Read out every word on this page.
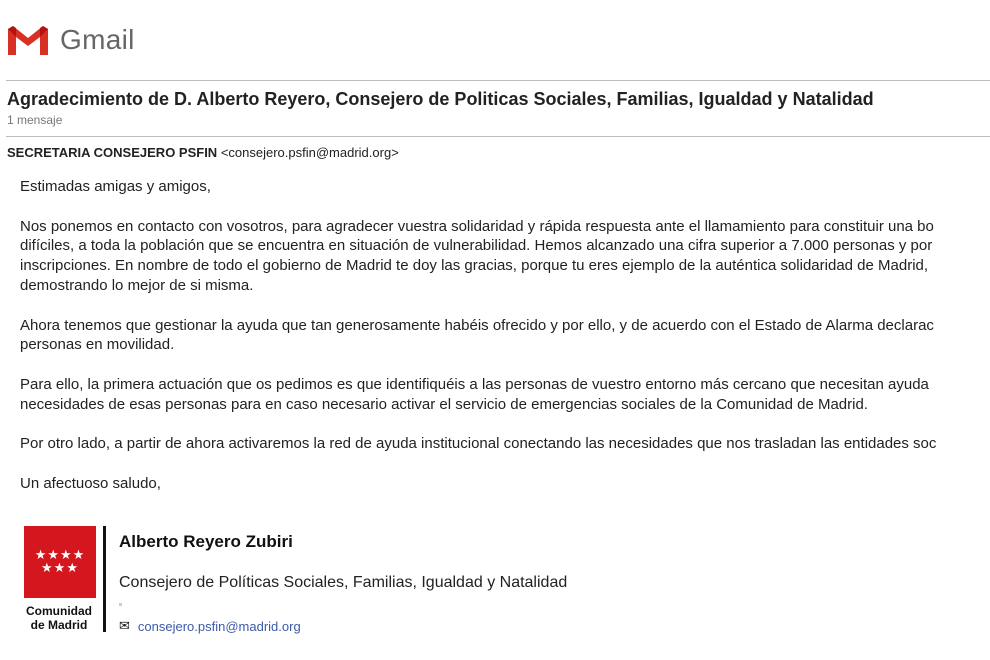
Gmail
Agradecimiento de D. Alberto Reyero, Consejero de Politicas Sociales, Familias, Igualdad y Natalidad
1 mensaje
SECRETARIA CONSEJERO PSFIN <consejero.psfin@madrid.org>

Estimadas amigas y amigos,

Nos ponemos en contacto con vosotros, para agradecer vuestra solidaridad y rápida respuesta ante el llamamiento para constituir una bo
difíciles, a toda la población que se encuentra en situación de vulnerabilidad. Hemos alcanzado una cifra superior a 7.000 personas y por
inscripciones. En nombre de todo el gobierno de Madrid te doy las gracias, porque tu eres ejemplo de la auténtica solidaridad de Madrid,
demostrando lo mejor de si misma.

Ahora tenemos que gestionar la ayuda que tan generosamente habéis ofrecido y por ello, y de acuerdo con el Estado de Alarma declarac
personas en movilidad.

Para ello, la primera actuación que os pedimos es que identifiquéis a las personas de vuestro entorno más cercano que necesitan ayuda
necesidades de esas personas para en caso necesario activar el servicio de emergencias sociales de la Comunidad de Madrid.

Por otro lado, a partir de ahora activaremos la red de ayuda institucional conectando las necesidades que nos trasladan las entidades soc

Un afectuoso saludo,

★★★★
★★★
Comunidad
de Madrid
Alberto Reyero Zubiri
Consejero de Políticas Sociales, Familias, Igualdad y Natalidad
✉ consejero.psfin@madrid.org
